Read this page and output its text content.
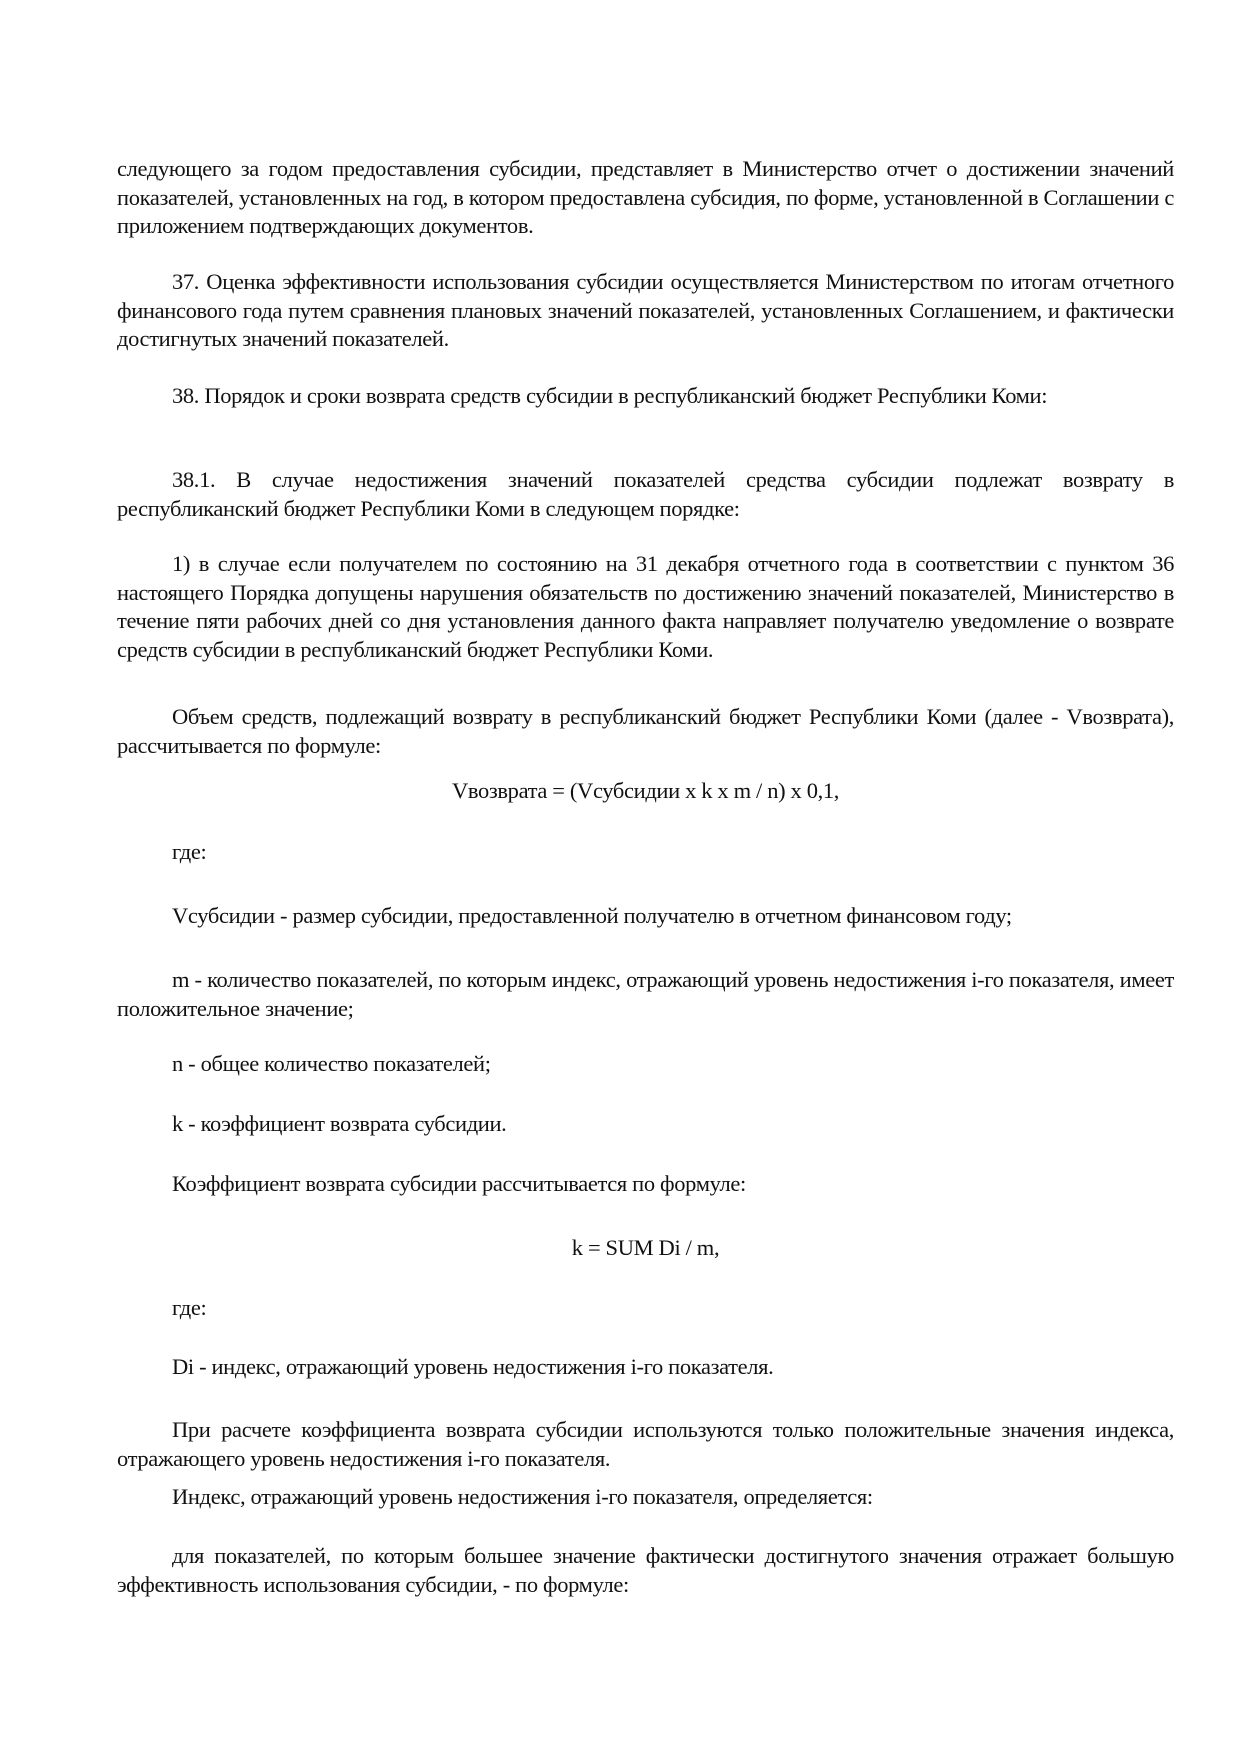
следующего за годом предоставления субсидии, представляет в Министерство отчет о достижении значений показателей, установленных на год, в котором предоставлена субсидия, по форме, установленной в Соглашении с приложением подтверждающих документов.

37. Оценка эффективности использования субсидии осуществляется Министерством по итогам отчетного финансового года путем сравнения плановых значений показателей, установленных Соглашением, и фактически достигнутых значений показателей.

38. Порядок и сроки возврата средств субсидии в республиканский бюджет Республики Коми:

38.1. В случае недостижения значений показателей средства субсидии подлежат возврату в республиканский бюджет Республики Коми в следующем порядке:

1) в случае если получателем по состоянию на 31 декабря отчетного года в соответствии с пунктом 36 настоящего Порядка допущены нарушения обязательств по достижению значений показателей, Министерство в течение пяти рабочих дней со дня установления данного факта направляет получателю уведомление о возврате средств субсидии в республиканский бюджет Республики Коми.

Объем средств, подлежащий возврату в республиканский бюджет Республики Коми (далее - Vвозврата), рассчитывается по формуле:

Vвозврата = (Vсубсидии x k x m / n) x 0,1,

где:

Vсубсидии - размер субсидии, предоставленной получателю в отчетном финансовом году;

m - количество показателей, по которым индекс, отражающий уровень недостижения i-го показателя, имеет положительное значение;

n - общее количество показателей;

k - коэффициент возврата субсидии.

Коэффициент возврата субсидии рассчитывается по формуле:

k = SUM Di / m,

где:

Di - индекс, отражающий уровень недостижения i-го показателя.

При расчете коэффициента возврата субсидии используются только положительные значения индекса, отражающего уровень недостижения i-го показателя.

Индекс, отражающий уровень недостижения i-го показателя, определяется:

для показателей, по которым большее значение фактически достигнутого значения отражает большую эффективность использования субсидии, - по формуле:
